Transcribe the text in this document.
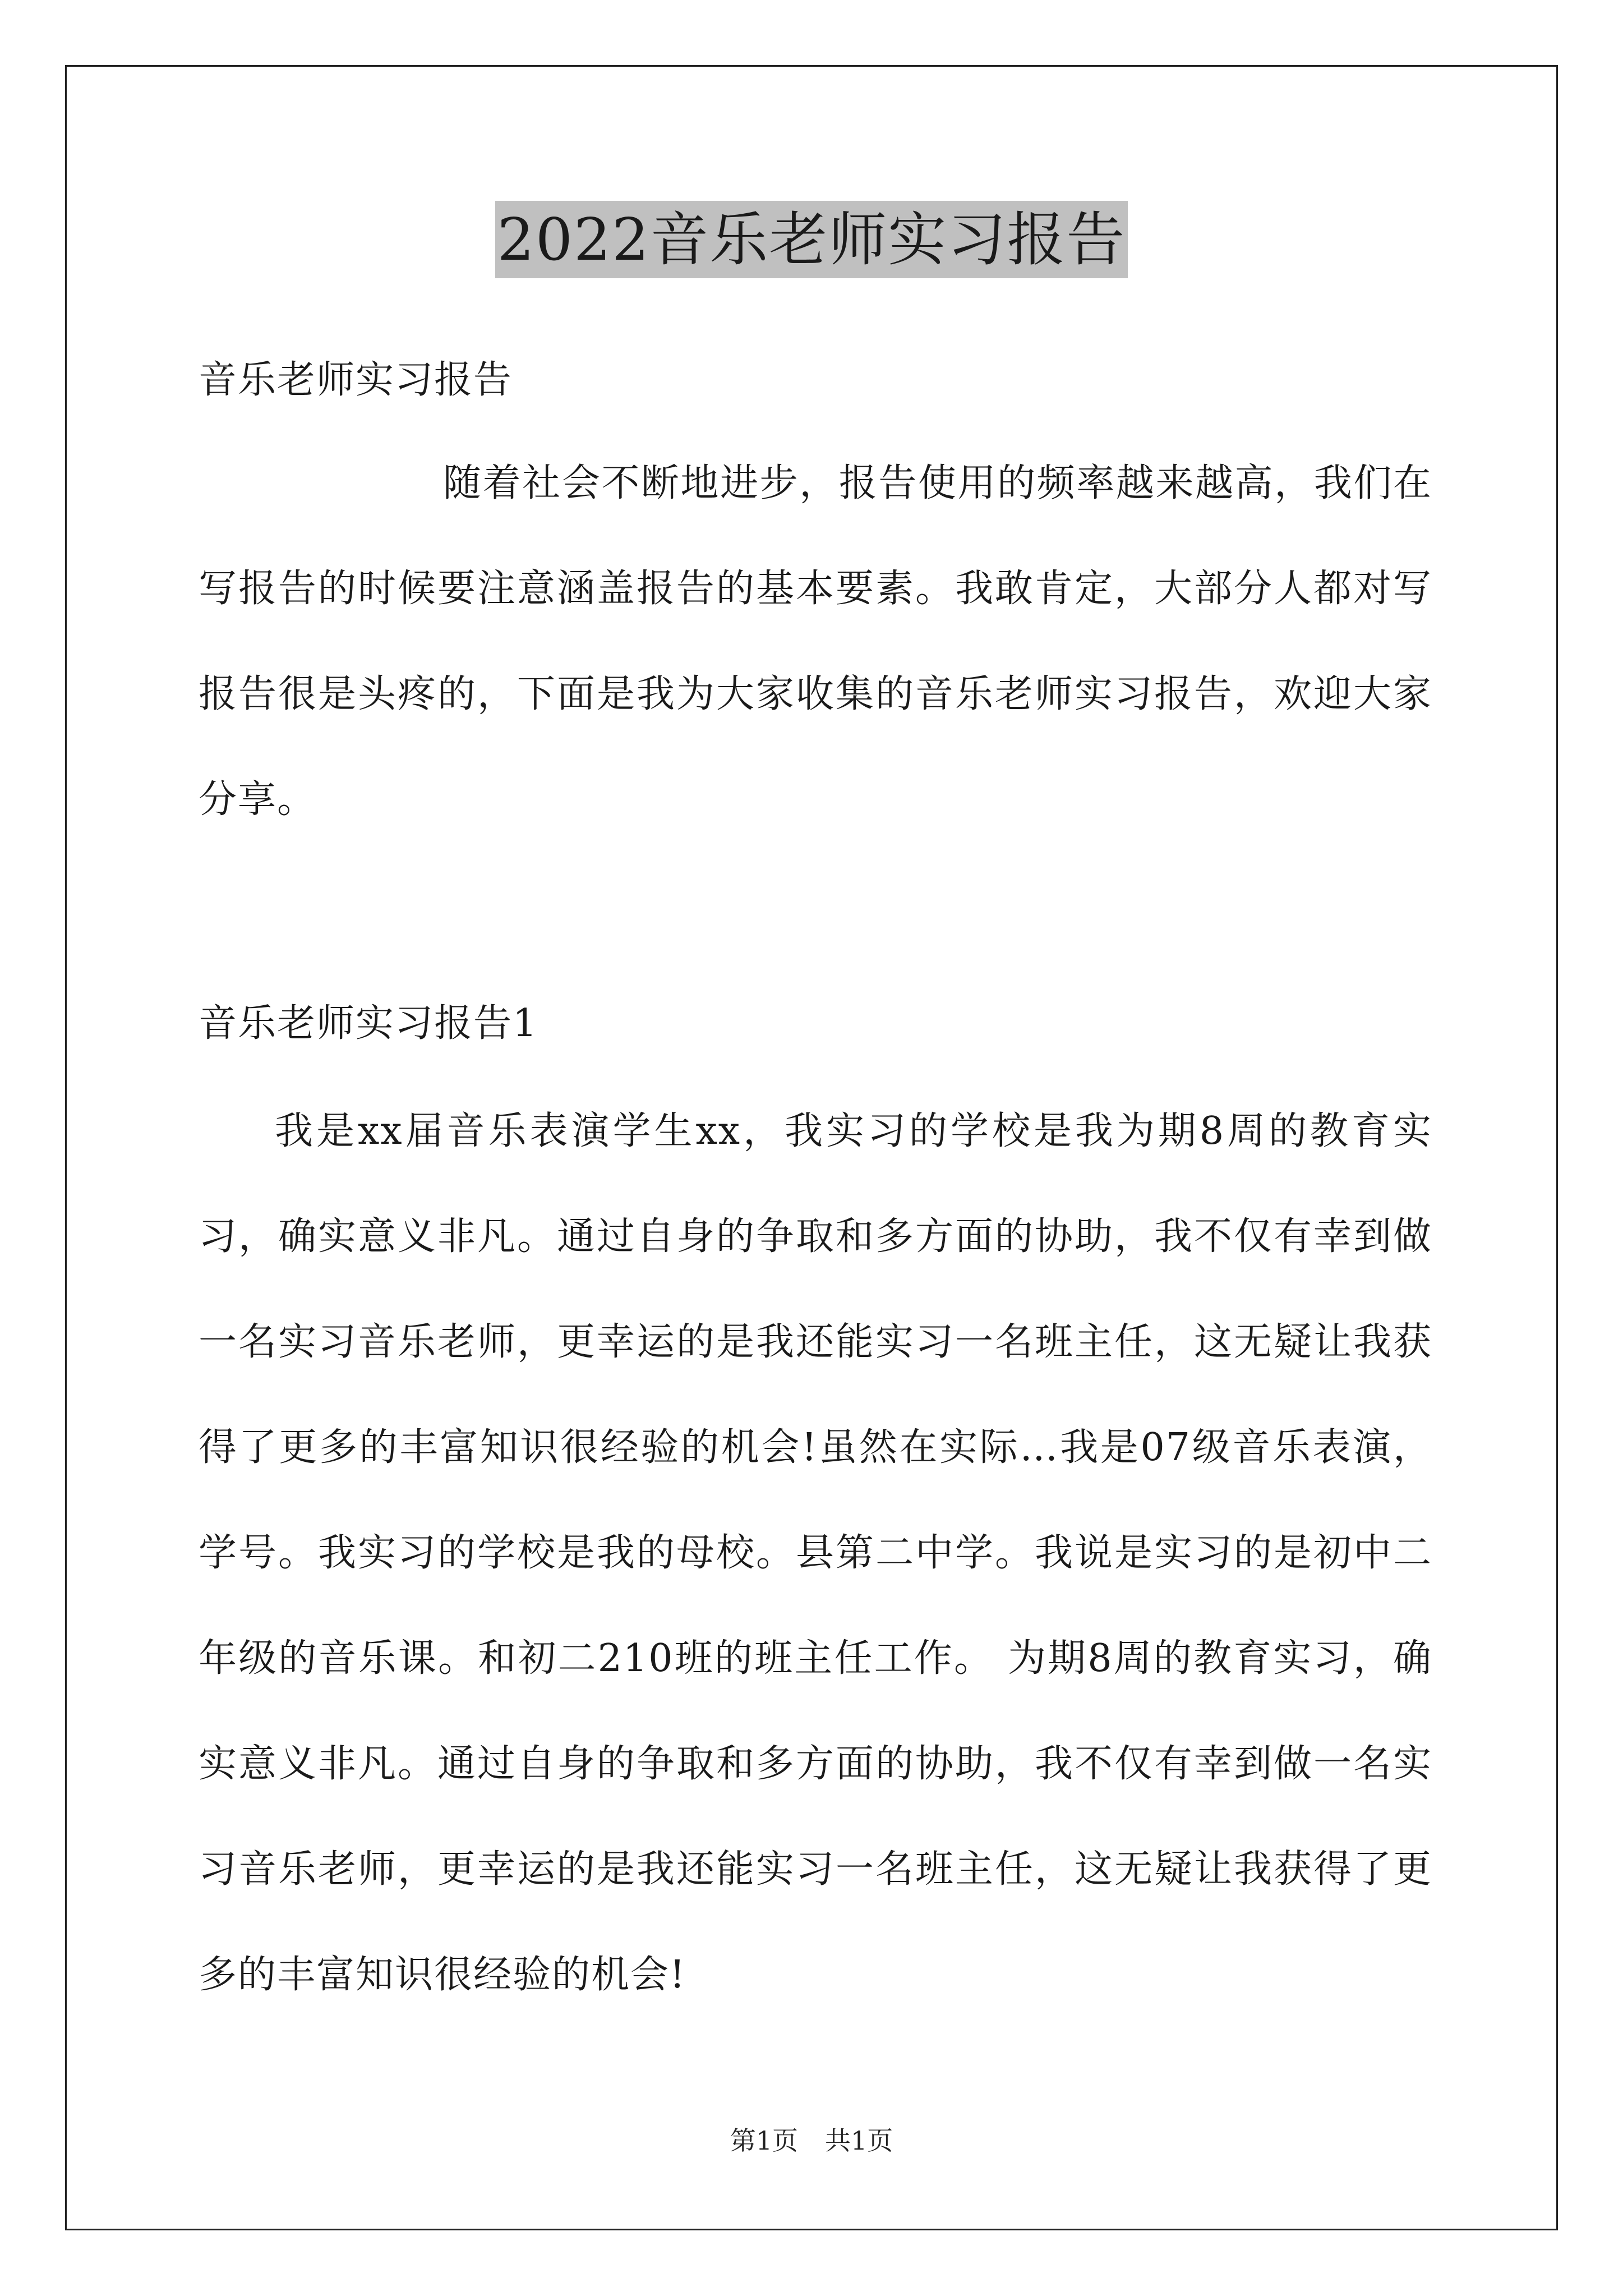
2022音乐老师实习报告
音乐老师实习报告

随着社会不断地进步，报告使用的频率越来越高，我们在写报告的时候要注意涵盖报告的基本要素。我敢肯定，大部分人都对写报告很是头疼的，下面是我为大家收集的音乐老师实习报告，欢迎大家分享。

音乐老师实习报告1

我是xx届音乐表演学生xx，我实习的学校是我为期8周的教育实习，确实意义非凡。通过自身的争取和多方面的协助，我不仅有幸到做一名实习音乐老师，更幸运的是我还能实习一名班主任，这无疑让我获得了更多的丰富知识很经验的机会!虽然在实际…我是07级音乐表演，学号。我实习的学校是我的母校。县第二中学。我说是实习的是初中二年级的音乐课。和初二210班的班主任工作。 为期8周的教育实习，确实意义非凡。通过自身的争取和多方面的协助，我不仅有幸到做一名实习音乐老师，更幸运的是我还能实习一名班主任，这无疑让我获得了更多的丰富知识很经验的机会!

第1页 共1页
